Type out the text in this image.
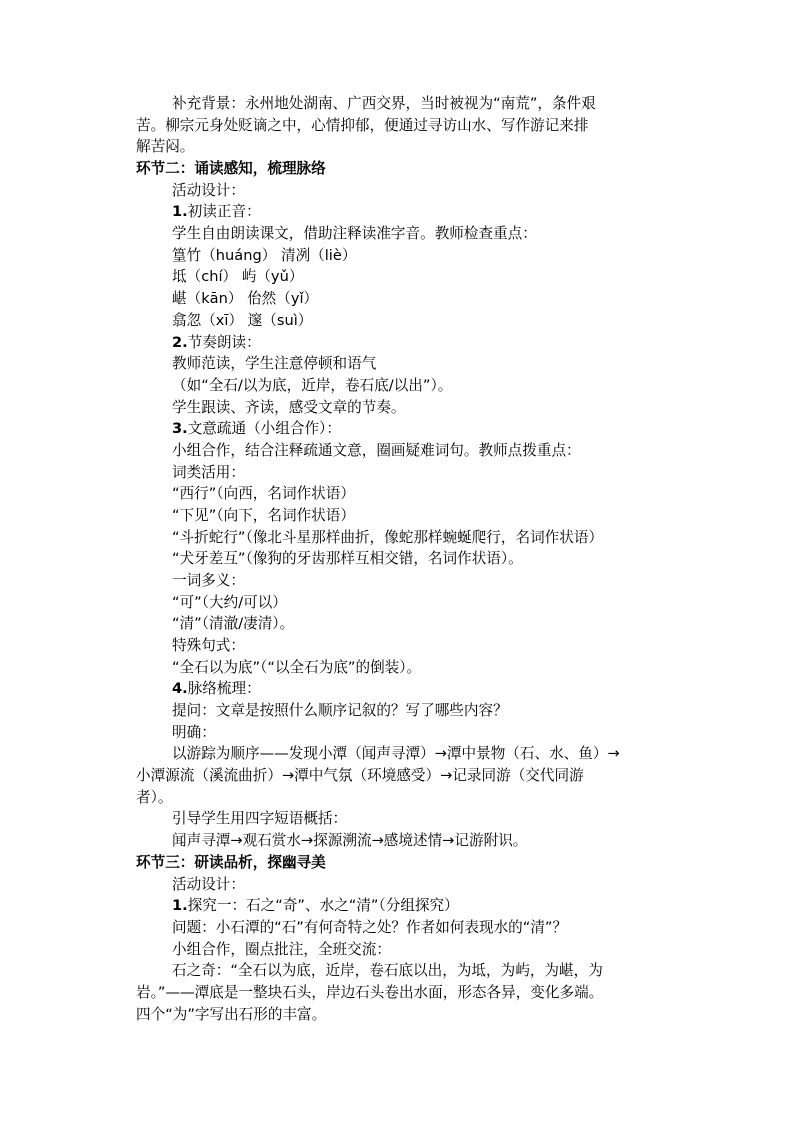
补充背景：永州地处湖南、广西交界，当时被视为“南荒”，条件艰
苦。柳宗元身处贬谪之中，心情抑郁，便通过寻访山水、写作游记来排
解苦闷。
环节二：诵读感知，梳理脉络
活动设计：
1.初读正音：
学生自由朗读课文，借助注释读准字音。教师检查重点：
篁竹（huáng） 清冽（liè）
坻（chí） 屿（yǔ）
嵁（kān） 佁然（yǐ）
翕忽（xī） 邃（suì）
2.节奏朗读：
教师范读，学生注意停顿和语气
（如“全石/以为底，近岸，卷石底/以出”）。
学生跟读、齐读，感受文章的节奏。
3.文意疏通（小组合作）：
小组合作，结合注释疏通文意，圈画疑难词句。教师点拨重点：
词类活用：
“西行”（向西，名词作状语）
“下见”（向下，名词作状语）
“斗折蛇行”（像北斗星那样曲折，像蛇那样蜿蜒爬行，名词作状语）
“犬牙差互”（像狗的牙齿那样互相交错，名词作状语）。
一词多义：
“可”（大约/可以）
“清”（清澈/凄清）。
特殊句式：
“全石以为底”（“以全石为底”的倒装）。
4.脉络梳理：
提问：文章是按照什么顺序记叙的？写了哪些内容？
明确：
以游踪为顺序——发现小潭（闻声寻潭）→潭中景物（石、水、鱼）→
小潭源流（溪流曲折）→潭中气氛（环境感受）→记录同游（交代同游
者）。
引导学生用四字短语概括：
闻声寻潭→观石赏水→探源溯流→感境述情→记游附识。
环节三：研读品析，探幽寻美
活动设计：
1.探究一：石之“奇”、水之“清”（分组探究）
问题：小石潭的“石”有何奇特之处？作者如何表现水的“清”？
小组合作，圈点批注，全班交流：
石之奇：“全石以为底，近岸，卷石底以出，为坻，为屿，为嵁，为
岩。”——潭底是一整块石头，岸边石头卷出水面，形态各异，变化多端。
四个“为”字写出石形的丰富。
